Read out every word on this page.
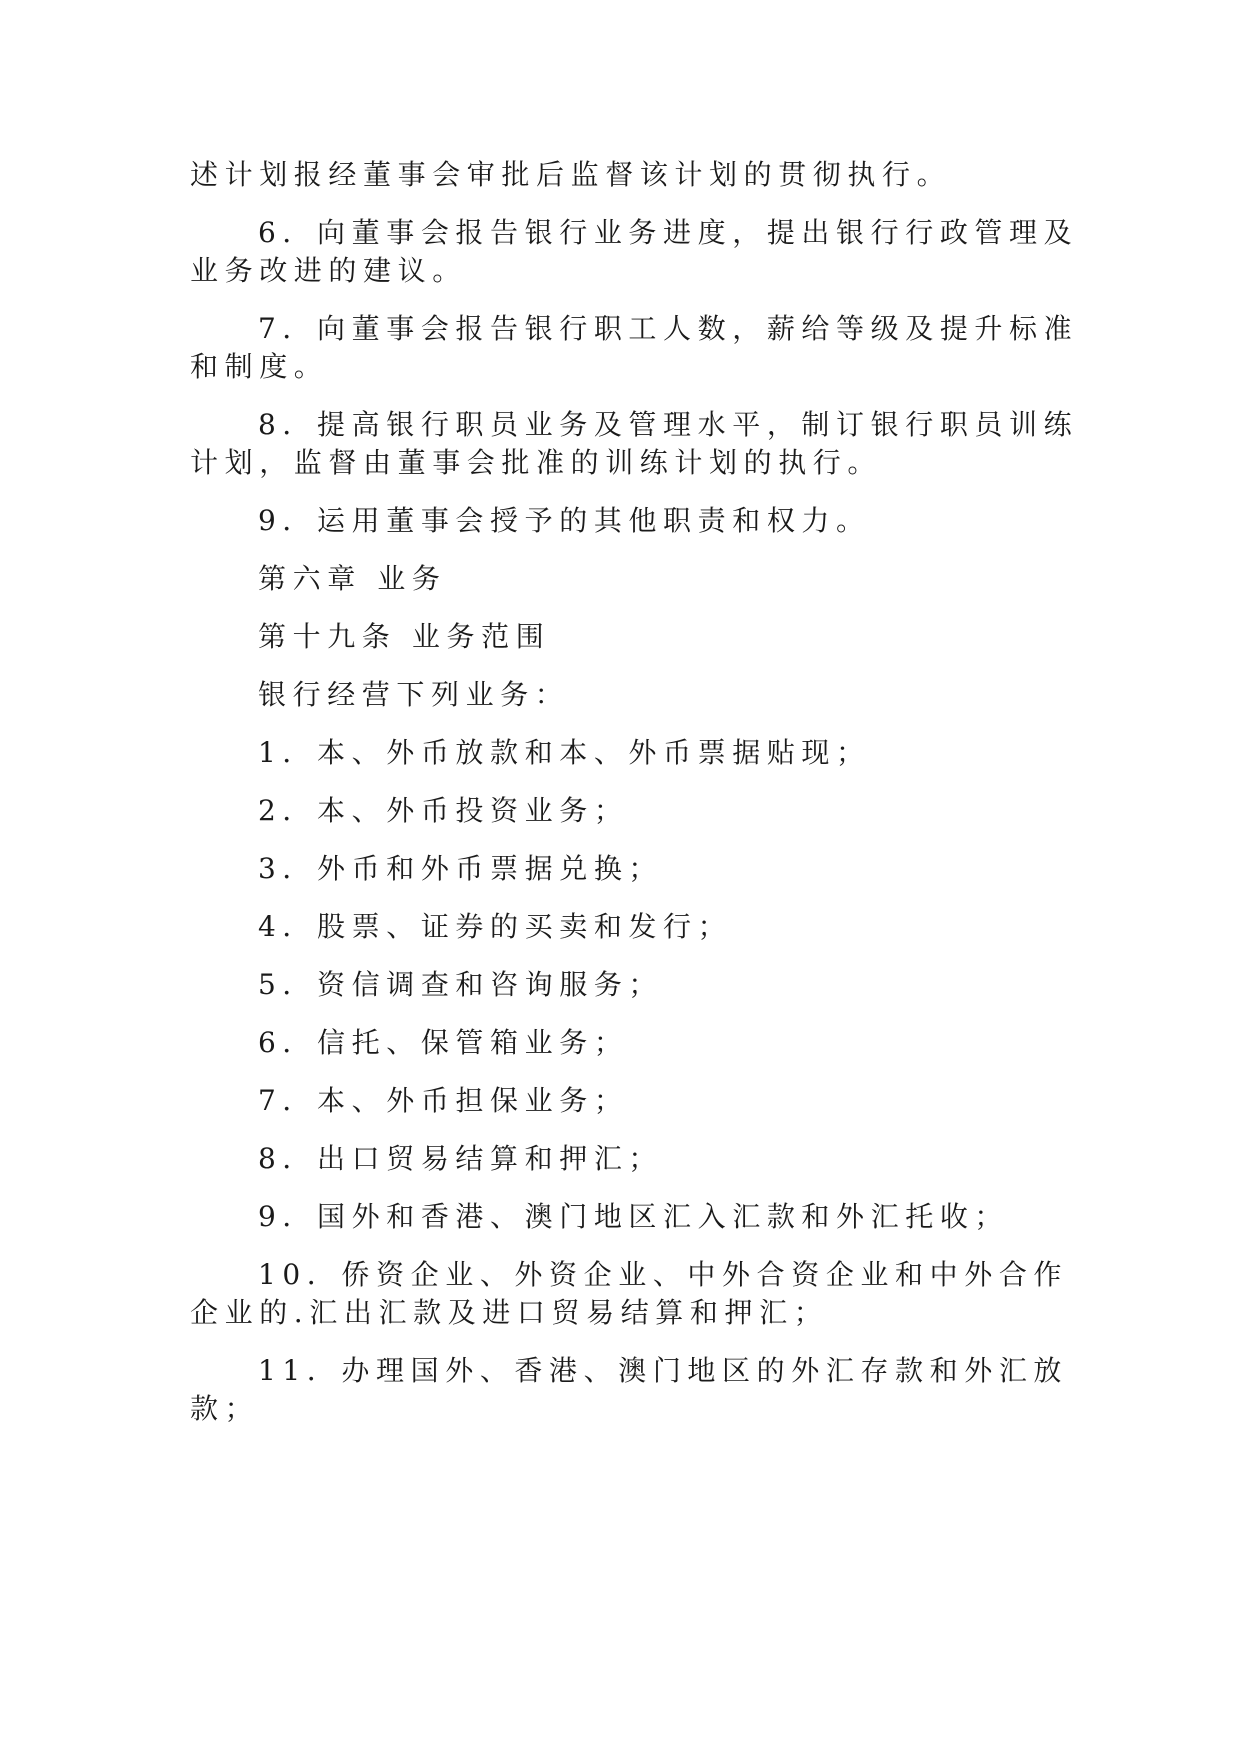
述计划报经董事会审批后监督该计划的贯彻执行。

6．向董事会报告银行业务进度，提出银行行政管理及

业务改进的建议。

7．向董事会报告银行职工人数，薪给等级及提升标准

和制度。

8．提高银行职员业务及管理水平，制订银行职员训练

计划，监督由董事会批准的训练计划的执行。

9．运用董事会授予的其他职责和权力。

第六章 业务

第十九条 业务范围

银行经营下列业务：

1．本、外币放款和本、外币票据贴现；

2．本、外币投资业务；

3．外币和外币票据兑换；

4．股票、证券的买卖和发行；

5．资信调查和咨询服务；

6．信托、保管箱业务；

7．本、外币担保业务；

8．出口贸易结算和押汇；

9．国外和香港、澳门地区汇入汇款和外汇托收；

10．侨资企业、外资企业、中外合资企业和中外合作

企业的.汇出汇款及进口贸易结算和押汇；

11．办理国外、香港、澳门地区的外汇存款和外汇放

款；
